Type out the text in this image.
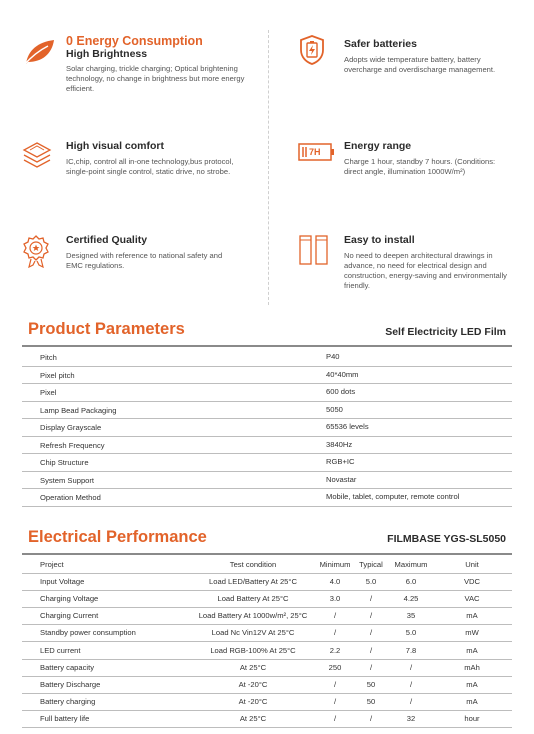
0 Energy Consumption
High Brightness
Solar charging, trickle charging; Optical brightening technology, no change in brightness but more energy efficient.
Safer batteries
Adopts wide temperature battery, battery overcharge and overdischarge management.
High visual comfort
IC,chip, control all in-one technology,bus protocol, single-point single control, static drive, no strobe.
7H Energy range
Charge 1 hour, standby 7 hours. (Conditions: direct angle, illumination 1000W/m²)
Certified Quality
Designed with reference to national safety and EMC regulations.
Easy to install
No need to deepen architectural drawings in advance, no need for electrical design and construction, energy-saving and environmentally friendly.
Product Parameters	Self Electricity LED Film
Pitch	P40
Pixel pitch	40*40mm
Pixel	600 dots
Lamp Bead Packaging	5050
Display Grayscale	65536 levels
Refresh Frequency	3840Hz
Chip Structure	RGB+IC
System Support	Novastar
Operation Method	Mobile, tablet, computer, remote control
Electrical Performance	FILMBASE YGS-SL5050
Project	Test condition	Minimum	Typical	Maximum	Unit
Input Voltage	Load LED/Battery At 25°C	4.0	5.0	6.0	VDC
Charging Voltage	Load Battery At 25°C	3.0	/	4.25	VAC
Charging Current	Load Battery At 1000w/m², 25°C	/	/	35	mA
Standby power consumption	Load Nc Vin12V At 25°C	/	/	5.0	mW
LED current	Load RGB-100% At 25°C	2.2	/	7.8	mA
Battery capacity	At 25°C	250	/	/	mAh
Battery Discharge	At -20°C	/	50	/	mA
Battery charging	At -20°C	/	50	/	mA
Full battery life	At 25°C	/	/	32	hour
